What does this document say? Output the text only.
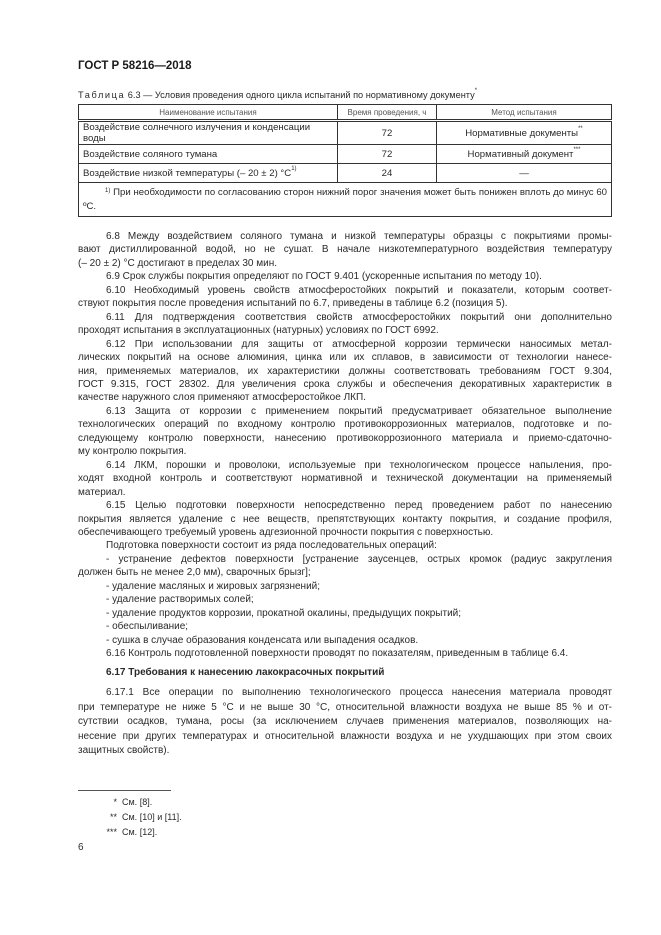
ГОСТ Р 58216—2018
Таблица 6.3 — Условия проведения одного цикла испытаний по нормативному документу*
Наименование испытания	Время проведения, ч	Метод испытания
Воздействие солнечного излучения и конденсации воды	72	Нормативные документы**
Воздействие соляного тумана	72	Нормативный документ***
Воздействие низкой температуры (– 20 ± 2) $^\circ C^{1)}$	24	—
$^{1)}$ При необходимости по согласованию сторон нижний порог значения может быть понижен вплоть до минус 60 ºC.		
6.8 Между воздействием соляного тумана и низкой температуры образцы с покрытиями промы-
вают дистиллированной водой, но не сушат. В начале низкотемпературного воздействия температуру
(– 20 ± 2) °C достигают в пределах 30 мин.
6.9 Срок службы покрытия определяют по ГОСТ 9.401 (ускоренные испытания по методу 10).
6.10 Необходимый уровень свойств атмосферостойких покрытий и показатели, которым соответ-
ствуют покрытия после проведения испытаний по 6.7, приведены в таблице 6.2 (позиция 5).
6.11 Для подтверждения соответствия свойств атмосферостойких покрытий они дополнительно
проходят испытания в эксплуатационных (натурных) условиях по ГОСТ 6992.
6.12 При использовании для защиты от атмосферной коррозии термически наносимых метал-
лических покрытий на основе алюминия, цинка или их сплавов, в зависимости от технологии нанесе-
ния, применяемых материалов, их характеристики должны соответствовать требованиям ГОСТ 9.304,
ГОСТ 9.315, ГОСТ 28302. Для увеличения срока службы и обеспечения декоративных характеристик в
качестве наружного слоя применяют атмосферостойкое ЛКП.
6.13 Защита от коррозии с применением покрытий предусматривает обязательное выполнение
технологических операций по входному контролю противокоррозионных материалов, подготовке и по-
следующему контролю поверхности, нанесению противокоррозионного материала и приемо-сдаточно-
му контролю покрытия.
6.14 ЛКМ, порошки и проволоки, используемые при технологическом процессе напыления, про-
ходят входной контроль и соответствуют нормативной и технической документации на применяемый
материал.
6.15 Целью подготовки поверхности непосредственно перед проведением работ по нанесению
покрытия является удаление с нее веществ, препятствующих контакту покрытия, и создание профиля,
обеспечивающего требуемый уровень адгезионной прочности покрытия с поверхностью.
Подготовка поверхности состоит из ряда последовательных операций:
- устранение дефектов поверхности [устранение заусенцев, острых кромок (радиус закругления
должен быть не менее 2,0 мм), сварочных брызг];
- удаление масляных и жировых загрязнений;
- удаление растворимых солей;
- удаление продуктов коррозии, прокатной окалины, предыдущих покрытий;
- обеспыливание;
- сушка в случае образования конденсата или выпадения осадков.
6.16 Контроль подготовленной поверхности проводят по показателям, приведенным в таблице 6.4.
6.17 Требования к нанесению лакокрасочных покрытий
6.17.1 Все операции по выполнению технологического процесса нанесения материала проводят
при температуре не ниже 5 °C и не выше 30 °C, относительной влажности воздуха не выше 85 % и от-
сутствии осадков, тумана, росы (за исключением случаев применения материалов, позволяющих на-
несение при других температурах и относительной влажности воздуха и не ухудшающих при этом своих
защитных свойств).
* См. [8].
** См. [10] и [11].
*** См. [12].
6
